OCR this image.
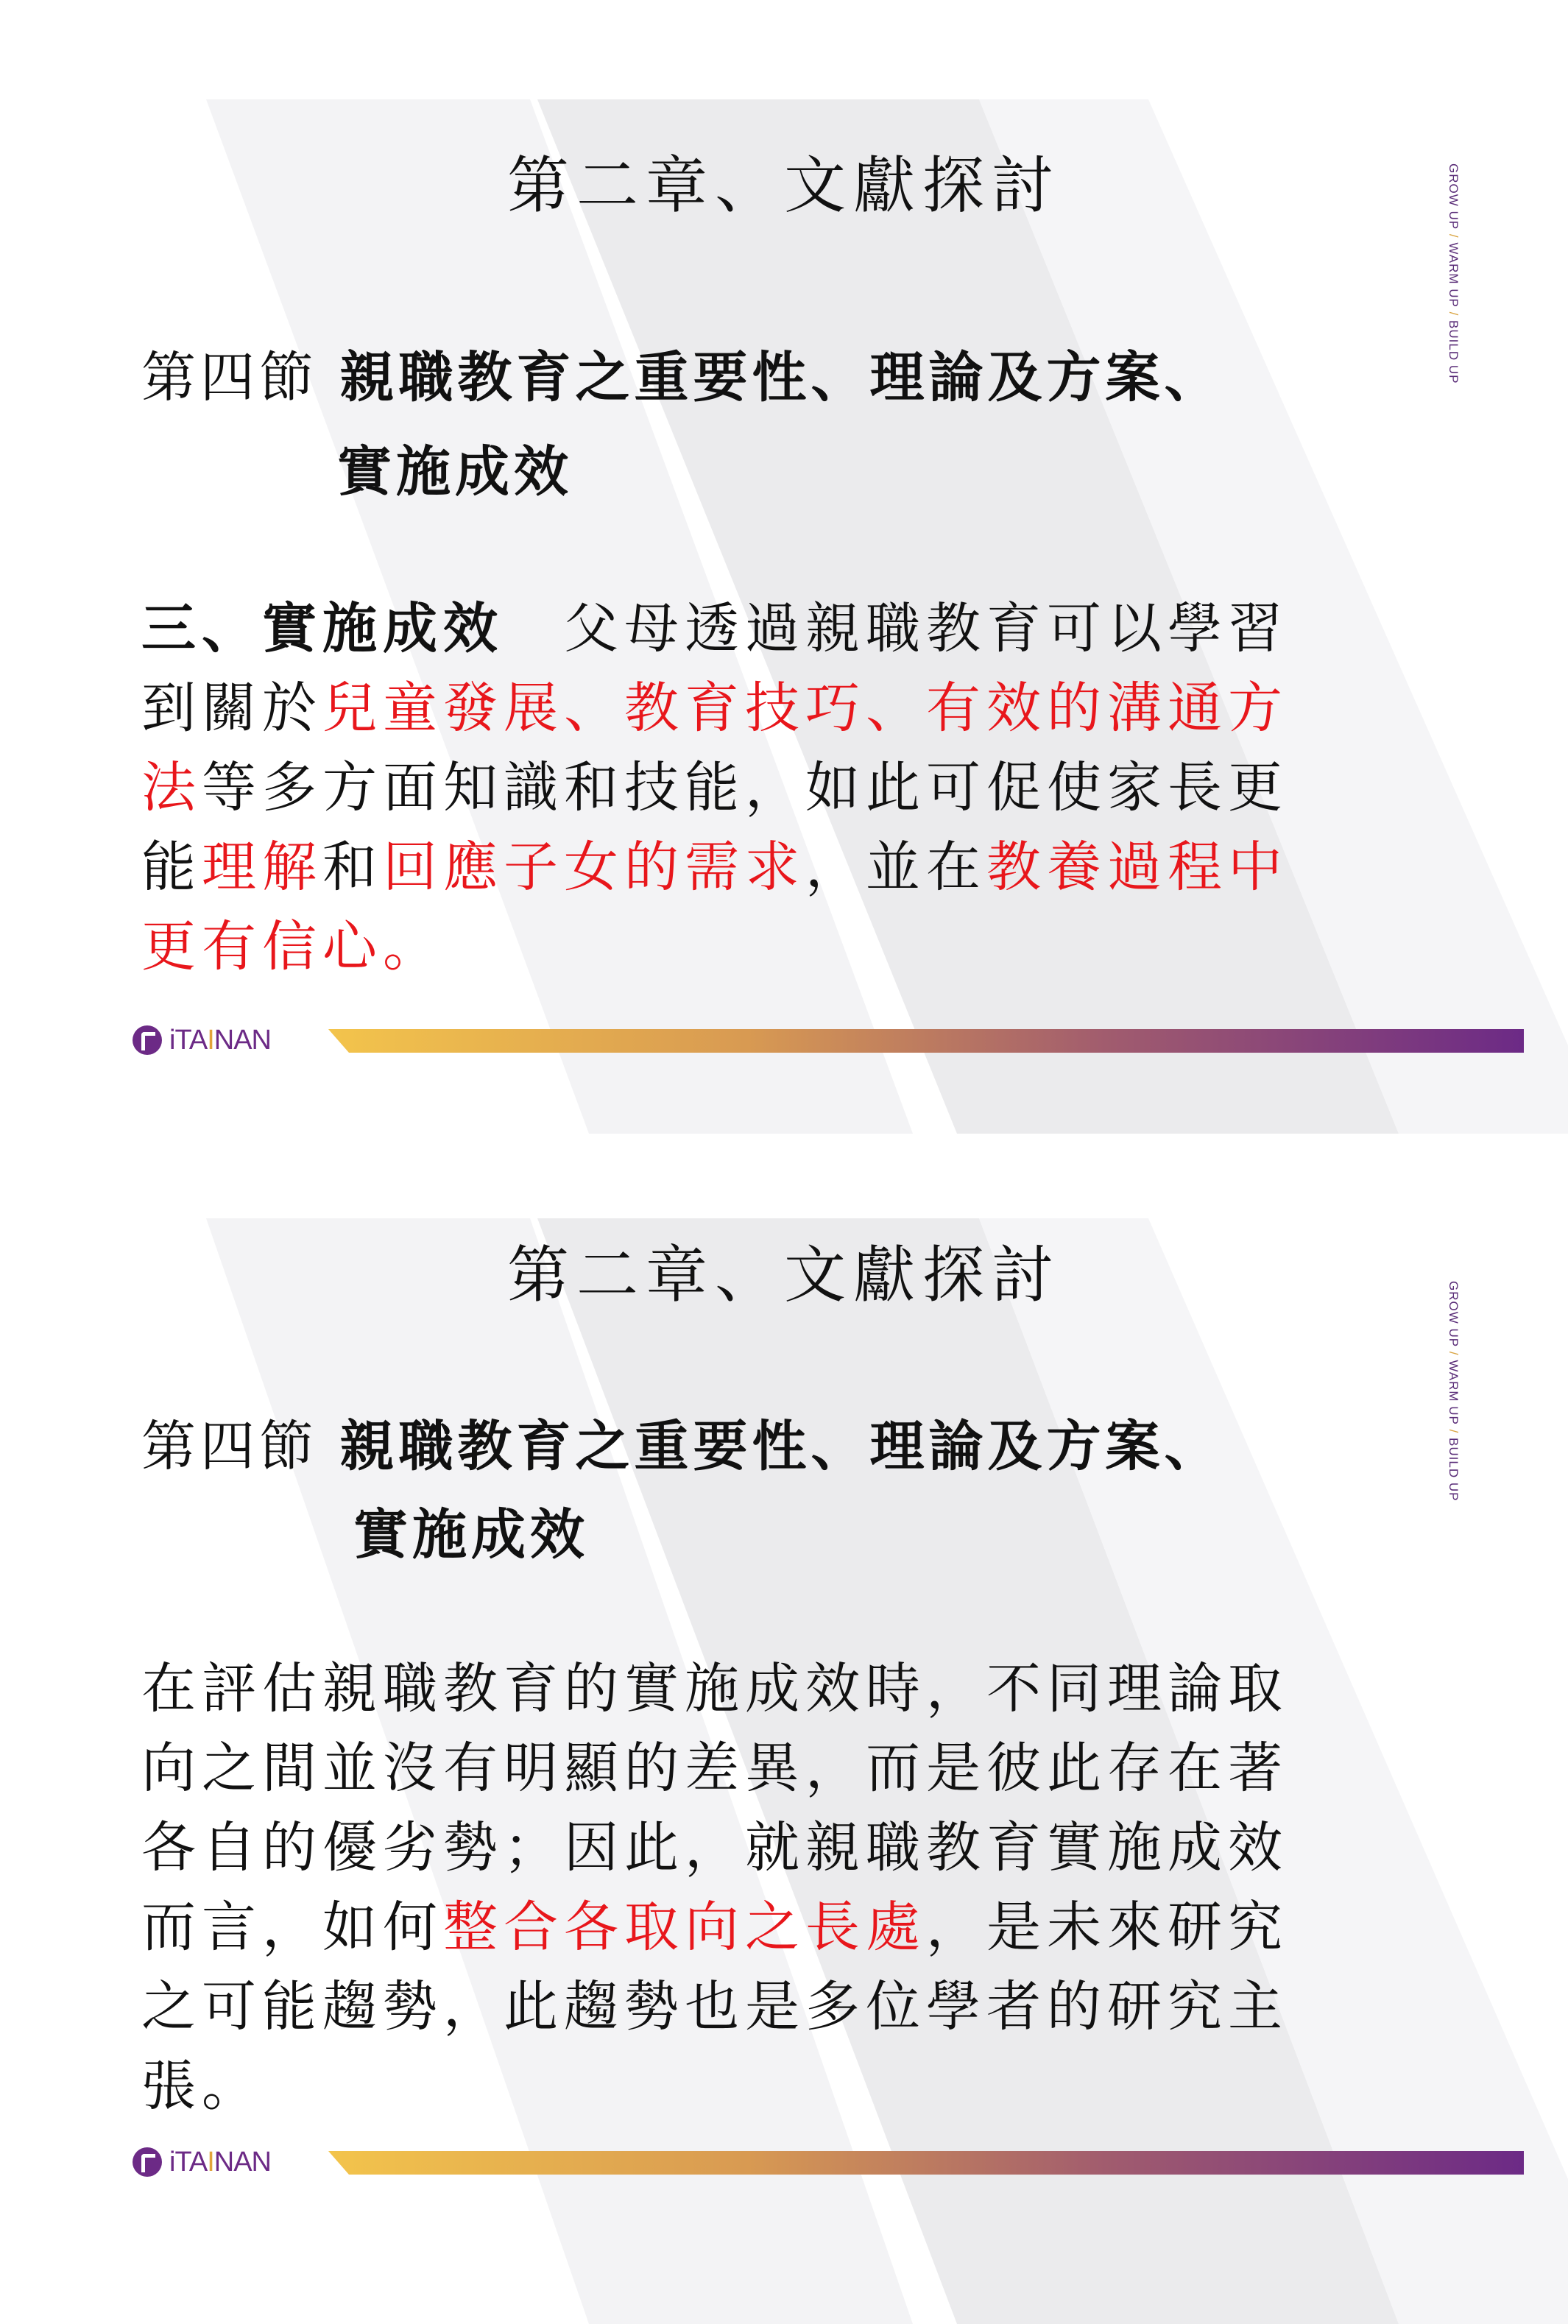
第二章、文獻探討	GROW UP / WARM UP / BUILD UP
第四節 親職教育之重要性、理論及方案、
實施成效
三、實施成效　父母透過親職教育可以學習
到關於兒童發展、教育技巧、有效的溝通方
法等多方面知識和技能，如此可促使家長更
能理解和回應子女的需求，並在教養過程中
更有信心。
iTAINAN
第二章、文獻探討
GROW UP / WARM UP / BUILD UP
第四節 親職教育之重要性、理論及方案、
實施成效
在評估親職教育的實施成效時，不同理論取
向之間並沒有明顯的差異，而是彼此存在著
各自的優劣勢；因此，就親職教育實施成效
而言，如何整合各取向之長處，是未來研究
之可能趨勢，此趨勢也是多位學者的研究主
張。
iTAINAN
